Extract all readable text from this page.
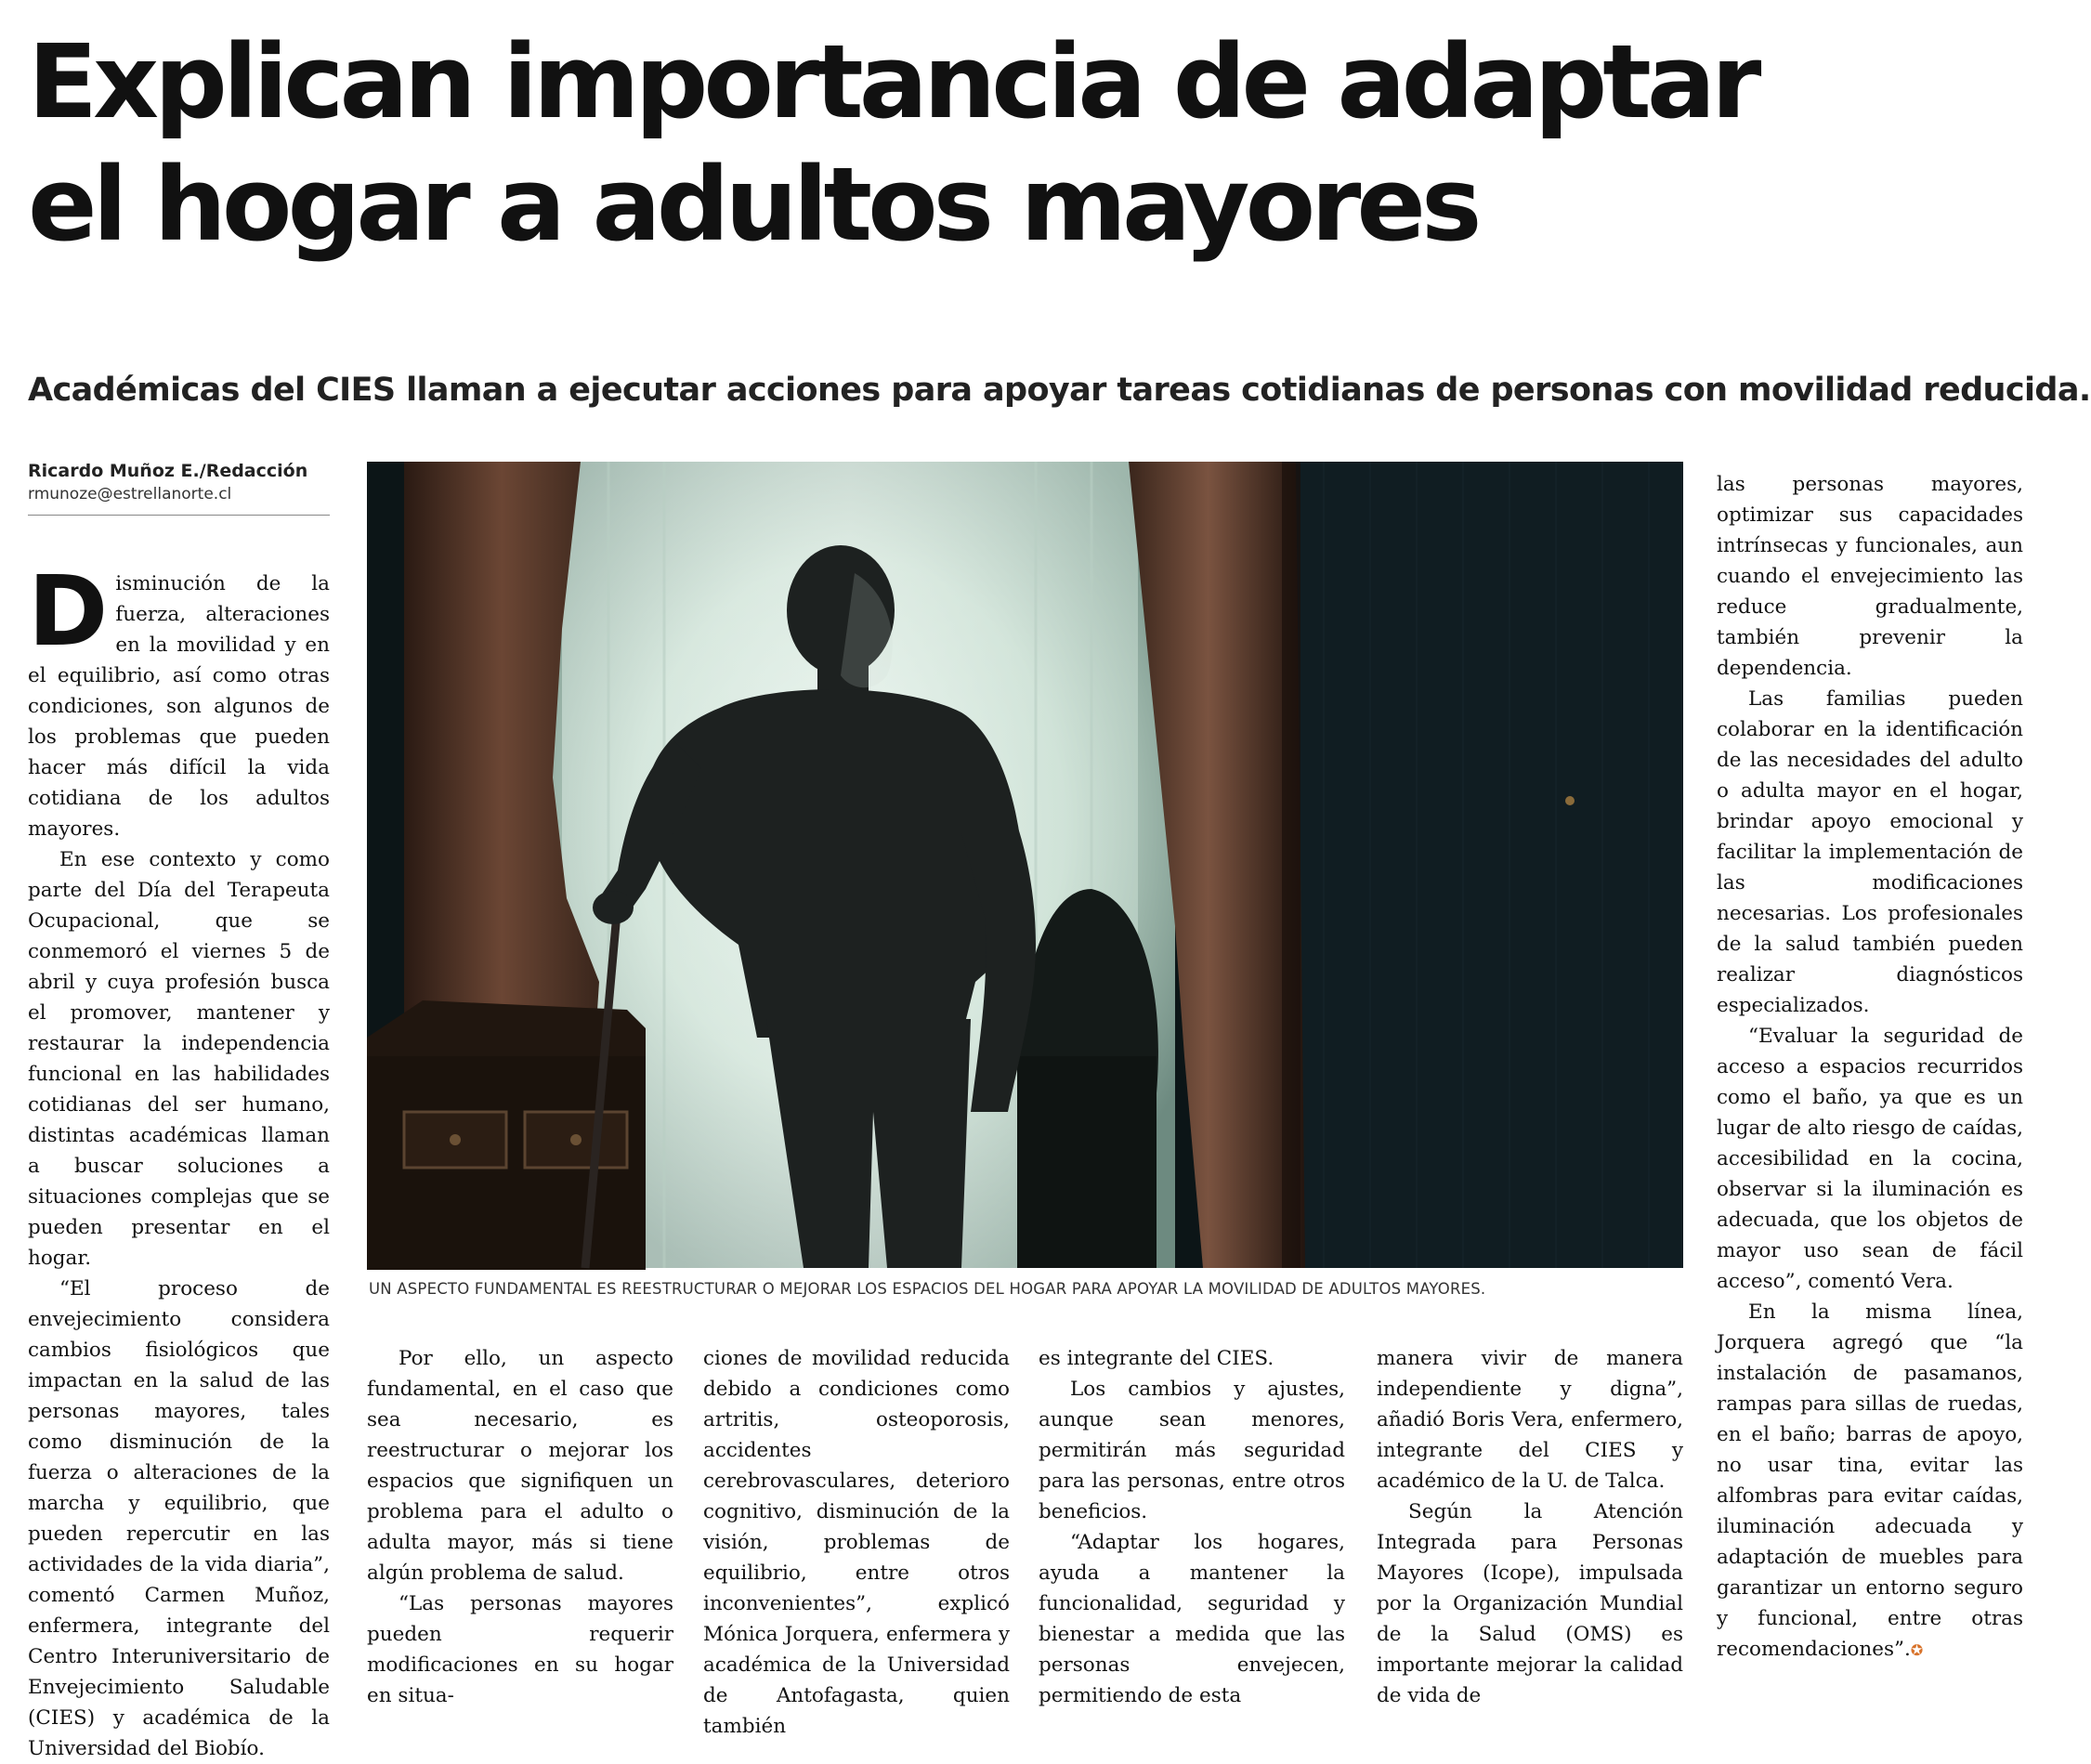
Explican importancia de adaptar
el hogar a adultos mayores
Académicas del CIES llaman a ejecutar acciones para apoyar tareas cotidianas de personas con movilidad reducida.
Ricardo Muñoz E./Redacción
rmunoze@estrellanorte.cl

Disminución de la fuerza, alteraciones en la movilidad y en el equilibrio, así como otras condiciones, son algunos de los problemas que pueden hacer más difícil la vida cotidiana de los adultos mayores.

En ese contexto y como parte del Día del Terapeuta Ocupacional, que se conmemoró el viernes 5 de abril y cuya profesión busca el promover, mantener y restaurar la independencia funcional en las habilidades cotidianas del ser humano, distintas académicas llaman a buscar soluciones a situaciones complejas que se pueden presentar en el hogar.

“El proceso de envejecimiento considera cambios fisiológicos que impactan en la salud de las personas mayores, tales como disminución de la fuerza o alteraciones de la marcha y equilibrio, que pueden repercutir en las actividades de la vida diaria”, comentó Carmen Muñoz, enfermera, integrante del Centro Interuniversitario de Envejecimiento Saludable (CIES) y académica de la Universidad del Biobío.

UN ASPECTO FUNDAMENTAL ES REESTRUCTURAR O MEJORAR LOS ESPACIOS DEL HOGAR PARA APOYAR LA MOVILIDAD DE ADULTOS MAYORES.

Por ello, un aspecto fundamental, en el caso que sea necesario, es reestructurar o mejorar los espacios que signifiquen un problema para el adulto o adulta mayor, más si tiene algún problema de salud.

“Las personas mayores pueden requerir modificaciones en su hogar en situa-

ciones de movilidad reducida debido a condiciones como artritis, osteoporosis, accidentes cerebrovasculares, deterioro cognitivo, disminución de la visión, problemas de equilibrio, entre otros inconvenientes”, explicó Mónica Jorquera, enfermera y académica de la Universidad de Antofagasta, quien también

es integrante del CIES.

Los cambios y ajustes, aunque sean menores, permitirán más seguridad para las personas, entre otros beneficios.

“Adaptar los hogares, ayuda a mantener la funcionalidad, seguridad y bienestar a medida que las personas envejecen, permitiendo de esta

manera vivir de manera independiente y digna”, añadió Boris Vera, enfermero, integrante del CIES y académico de la U. de Talca.

Según la Atención Integrada para Personas Mayores (Icope), impulsada por la Organización Mundial de la Salud (OMS) es importante mejorar la calidad de vida de

las personas mayores, optimizar sus capacidades intrínsecas y funcionales, aun cuando el envejecimiento las reduce gradualmente, también prevenir la dependencia.

Las familias pueden colaborar en la identificación de las necesidades del adulto o adulta mayor en el hogar, brindar apoyo emocional y facilitar la implementación de las modificaciones necesarias. Los profesionales de la salud también pueden realizar diagnósticos especializados.

“Evaluar la seguridad de acceso a espacios recurridos como el baño, ya que es un lugar de alto riesgo de caídas, accesibilidad en la cocina, observar si la iluminación es adecuada, que los objetos de mayor uso sean de fácil acceso”, comentó Vera.

En la misma línea, Jorquera agregó que “la instalación de pasamanos, rampas para sillas de ruedas, en el baño; barras de apoyo, no usar tina, evitar las alfombras para evitar caídas, iluminación adecuada y adaptación de muebles para garantizar un entorno seguro y funcional, entre otras recomendaciones”.✪
